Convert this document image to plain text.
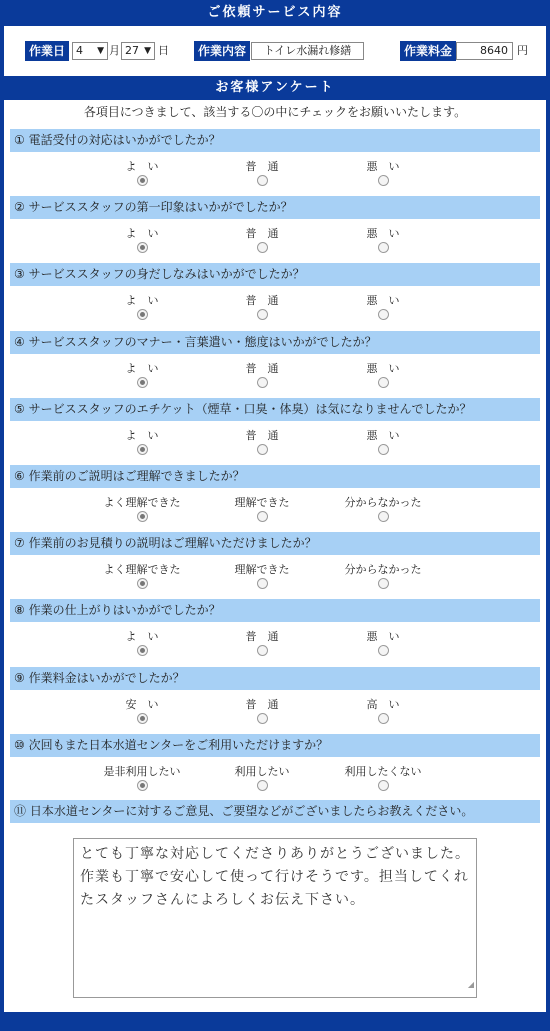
ご依頼サービス内容
作業日 4 ▼ 月 27 ▼ 日	作業内容	トイレ水漏れ修繕	作業料金	8640 円
お客様アンケート
各項目につきまして、該当する〇の中にチェックをお願いいたします。
① 電話受付の対応はいかがでしたか？
よ　い	普　通	悪　い
② サービススタッフの第一印象はいかがでしたか？
よ　い	普　通	悪　い
③ サービススタッフの身だしなみはいかがでしたか？
よ　い	普　通	悪　い
④ サービススタッフのマナー・言葉遣い・態度はいかがでしたか？
よ　い	普　通	悪　い
⑤ サービススタッフのエチケット（煙草・口臭・体臭）は気になりませんでしたか？
よ　い	普　通	悪　い
⑥ 作業前のご説明はご理解できましたか？
よく理解できた	理解できた	分からなかった
⑦ 作業前のお見積りの説明はご理解いただけましたか？
よく理解できた	理解できた	分からなかった
⑧ 作業の仕上がりはいかがでしたか？
よ　い	普　通	悪　い
⑨ 作業料金はいかがでしたか？
安　い	普　通	高　い
⑩ 次回もまた日本水道センターをご利用いただけますか？
是非利用したい	利用したい	利用したくない
⑪ 日本水道センターに対するご意見、ご要望などがございましたらお教えください。
とても丁寧な対応してくださりありがとうございました。作業も丁寧で安心して使って行けそうです。担当してくれたスタッフさんによろしくお伝え下さい。
◢
